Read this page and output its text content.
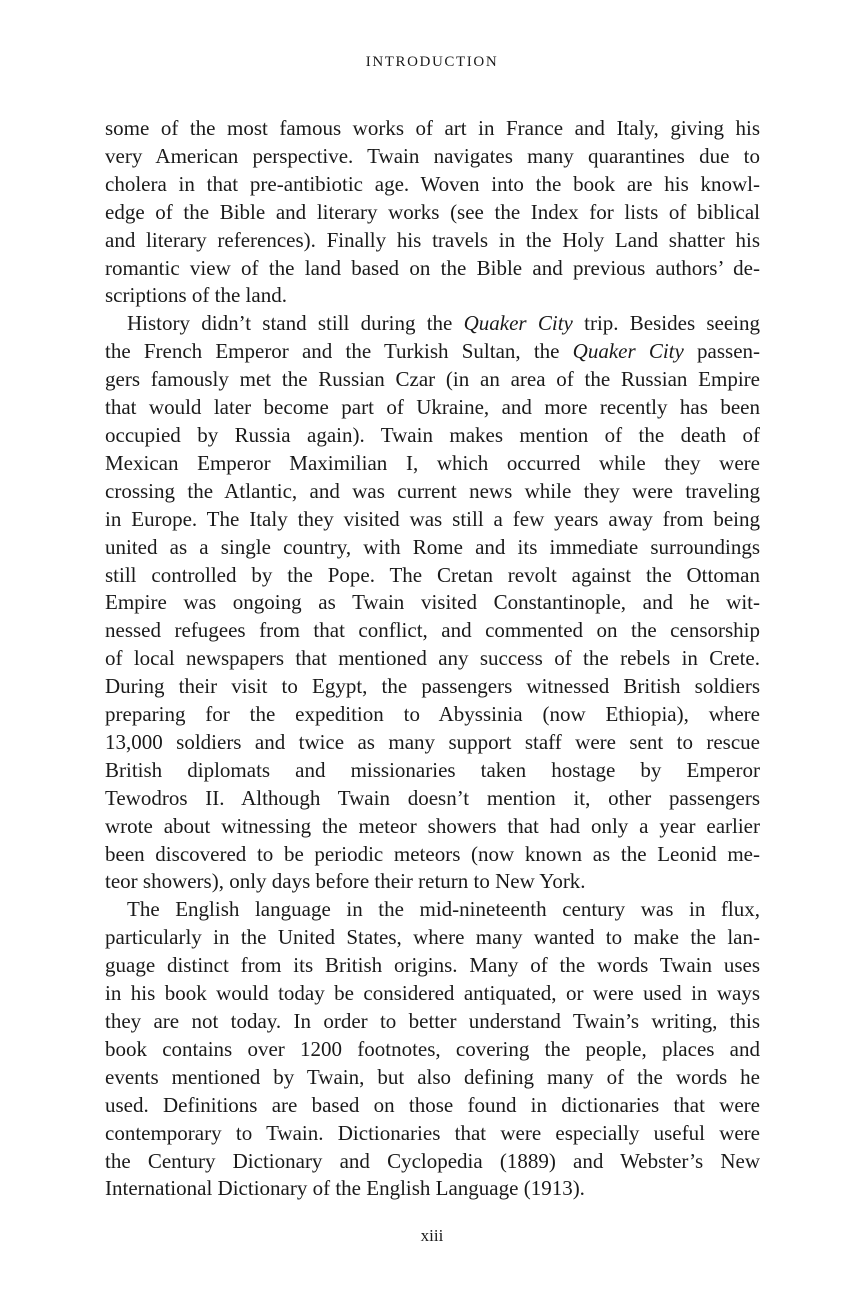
INTRODUCTION

some of the most famous works of art in France and Italy, giving his
very American perspective. Twain navigates many quarantines due to
cholera in that pre-antibiotic age. Woven into the book are his knowl-
edge of the Bible and literary works (see the Index for lists of biblical
and literary references). Finally his travels in the Holy Land shatter his
romantic view of the land based on the Bible and previous authors’ de-
scriptions of the land.

History didn’t stand still during the Quaker City trip. Besides seeing
the French Emperor and the Turkish Sultan, the Quaker City passen-
gers famously met the Russian Czar (in an area of the Russian Empire
that would later become part of Ukraine, and more recently has been
occupied by Russia again). Twain makes mention of the death of
Mexican Emperor Maximilian I, which occurred while they were
crossing the Atlantic, and was current news while they were traveling
in Europe. The Italy they visited was still a few years away from being
united as a single country, with Rome and its immediate surroundings
still controlled by the Pope. The Cretan revolt against the Ottoman
Empire was ongoing as Twain visited Constantinople, and he wit-
nessed refugees from that conflict, and commented on the censorship
of local newspapers that mentioned any success of the rebels in Crete.
During their visit to Egypt, the passengers witnessed British soldiers
preparing for the expedition to Abyssinia (now Ethiopia), where
13,000 soldiers and twice as many support staff were sent to rescue
British diplomats and missionaries taken hostage by Emperor
Tewodros II. Although Twain doesn’t mention it, other passengers
wrote about witnessing the meteor showers that had only a year earlier
been discovered to be periodic meteors (now known as the Leonid me-
teor showers), only days before their return to New York.

The English language in the mid-nineteenth century was in flux,
particularly in the United States, where many wanted to make the lan-
guage distinct from its British origins. Many of the words Twain uses
in his book would today be considered antiquated, or were used in ways
they are not today. In order to better understand Twain’s writing, this
book contains over 1200 footnotes, covering the people, places and
events mentioned by Twain, but also defining many of the words he
used. Definitions are based on those found in dictionaries that were
contemporary to Twain. Dictionaries that were especially useful were
the Century Dictionary and Cyclopedia (1889) and Webster’s New
International Dictionary of the English Language (1913).

xiii
